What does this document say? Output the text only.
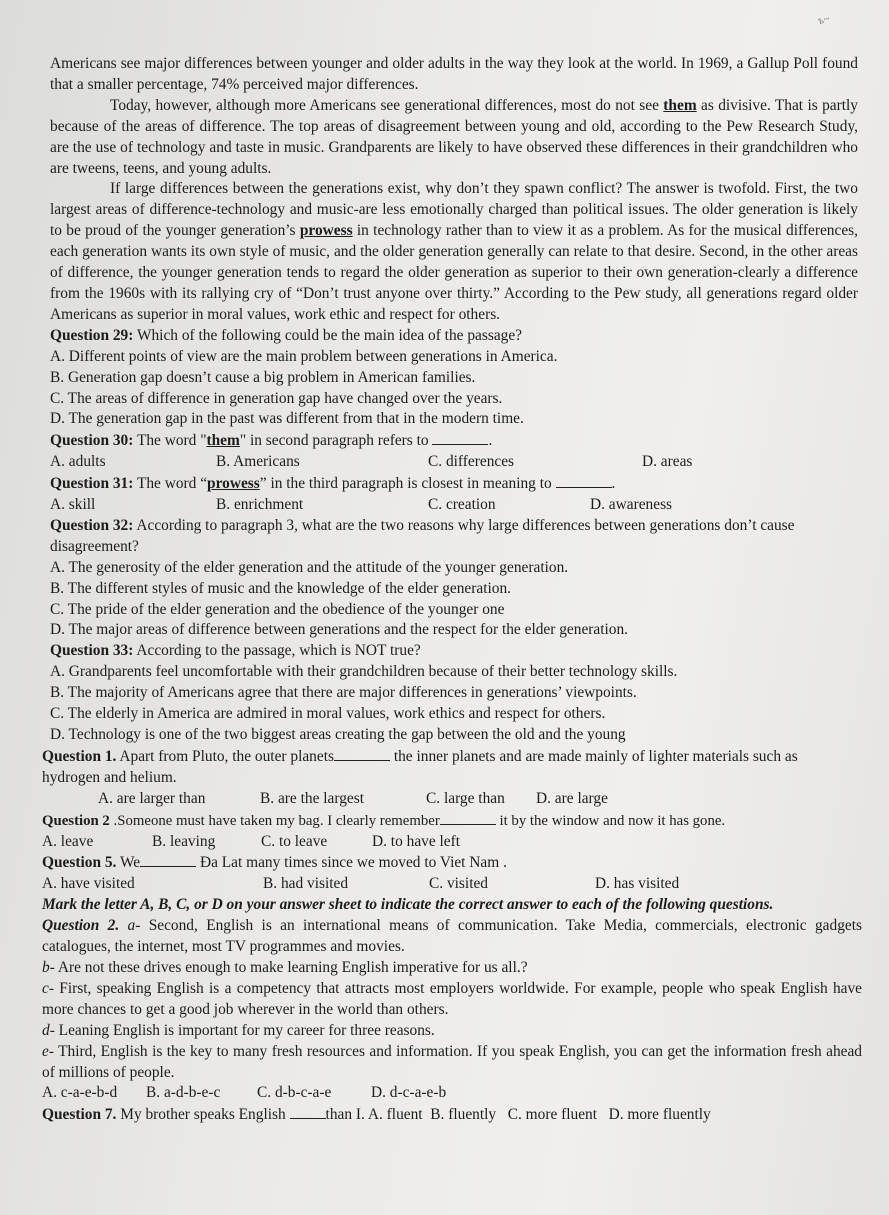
ъ~

Americans see major differences between younger and older adults in the way they look at the world. In 1969, a Gallup Poll found that a smaller percentage, 74% perceived major differences.

Today, however, although more Americans see generational differences, most do not see them as divisive. That is partly because of the areas of difference. The top areas of disagreement between young and old, according to the Pew Research Study, are the use of technology and taste in music. Grandparents are likely to have observed these differences in their grandchildren who are tweens, teens, and young adults.

If large differences between the generations exist, why don’t they spawn conflict? The answer is twofold. First, the two largest areas of difference-technology and music-are less emotionally charged than political issues. The older generation is likely to be proud of the younger generation’s prowess in technology rather than to view it as a problem. As for the musical differences, each generation wants its own style of music, and the older generation generally can relate to that desire. Second, in the other areas of difference, the younger generation tends to regard the older generation as superior to their own generation-clearly a difference from the 1960s with its rallying cry of “Don’t trust anyone over thirty.” According to the Pew study, all generations regard older Americans as superior in moral values, work ethic and respect for others.

Question 29: Which of the following could be the main idea of the passage?

A. Different points of view are the main problem between generations in America.

B. Generation gap doesn’t cause a big problem in American families.

C. The areas of difference in generation gap have changed over the years.

D. The generation gap in the past was different from that in the modern time.

Question 30: The word "them" in second paragraph refers to	.

A. adults	B. Americans	C. differences	D. areas

Question 31: The word “prowess” in the third paragraph is closest in meaning to	.

A. skill	B. enrichment	C. creation	D. awareness

Question 32: According to paragraph 3, what are the two reasons why large differences between generations don’t cause disagreement?

A. The generosity of the elder generation and the attitude of the younger generation.

B. The different styles of music and the knowledge of the elder generation.

C. The pride of the elder generation and the obedience of the younger one

D. The major areas of difference between generations and the respect for the elder generation.

Question 33: According to the passage, which is NOT true?

A. Grandparents feel uncomfortable with their grandchildren because of their better technology skills.

B. The majority of Americans agree that there are major differences in generations’ viewpoints.

C. The elderly in America are admired in moral values, work ethics and respect for others.

D. Technology is one of the two biggest areas creating the gap between the old and the young

Question 1. Apart from Pluto, the outer planets	the inner planets and are made mainly of lighter materials such as hydrogen and helium.

A. are larger than	B. are the largest	C. large than	D. are large

Question 2 .Someone must have taken my bag. I clearly remember	it by the window and now it has gone.

A. leave	B. leaving	C. to leave	D. to have left

Question 5. We	Đa Lat many times since we moved to Viet Nam .

A. have visited	B. had visited	C. visited	D. has visited

Mark the letter A, B, C, or D on your answer sheet to indicate the correct answer to each of the following questions.

Question 2. a- Second, English is an international means of communication. Take Media, commercials, electronic gadgets catalogues, the internet, most TV programmes and movies.

b- Are not these drives enough to make learning English imperative for us all.?

c- First, speaking English is a competency that attracts most employers worldwide. For example, people who speak English have more chances to get a good job wherever in the world than others.

d- Leaning English is important for my career for three reasons.

e- Third, English is the key to many fresh resources and information. If you speak English, you can get the information fresh ahead of millions of people.

A. c-a-e-b-d	B. a-d-b-e-c	C. d-b-c-a-e	D. d-c-a-e-b

Question 7. My brother speaks English	than I. A. fluent B. fluently C. more fluent D. more fluently
